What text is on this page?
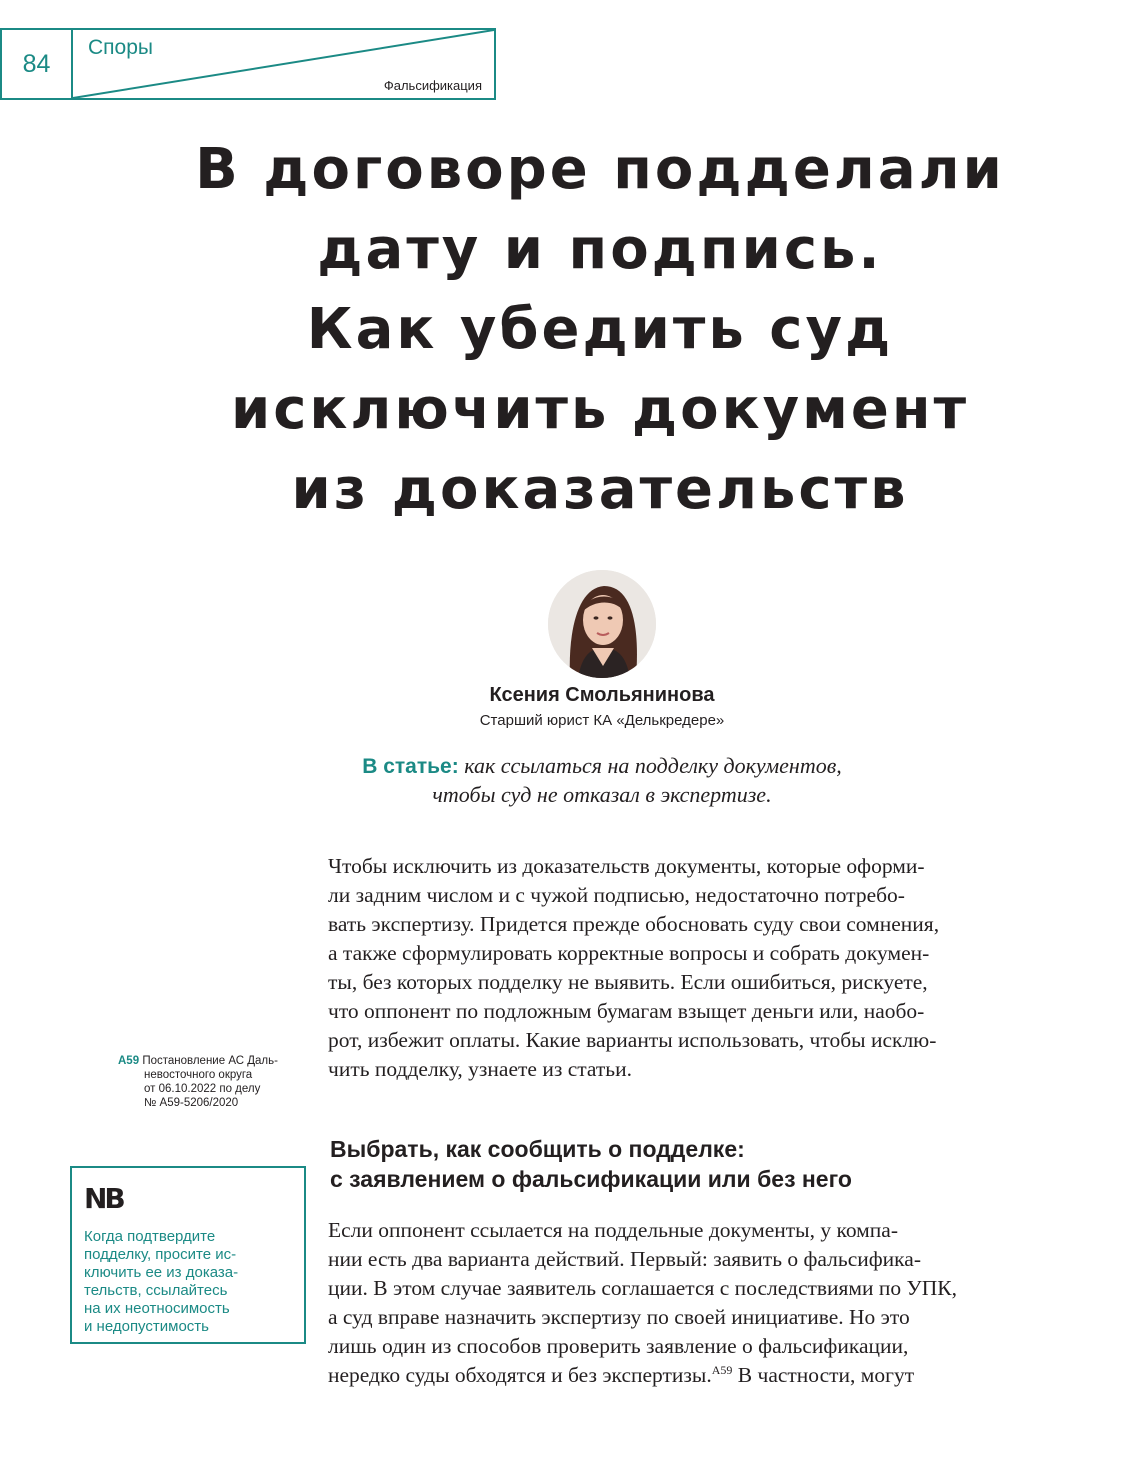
84
Споры
Фальсификация
В договоре подделали
дату и подпись.
Как убедить суд
исключить документ
из доказательств
Ксения Смольянинова
Старший юрист КА «Делькредере»
В статье: как ссылаться на подделку документов,
чтобы суд не отказал в экспертизе.
Чтобы исключить из доказательств документы, которые оформи-
ли задним числом и с чужой подписью, недостаточно потребо-
вать экспертизу. Придется прежде обосновать суду свои сомнения,
а также сформулировать корректные вопросы и собрать докумен-
ты, без которых подделку не выявить. Если ошибиться, рискуете,
что оппонент по подложным бумагам взыщет деньги или, наобо-
рот, избежит оплаты. Какие варианты использовать, чтобы исклю-
чить подделку, узнаете из статьи.
А59 Постановление АС Даль-
невосточного округа
от 06.10.2022 по делу
№ А59-5206/2020
Выбрать, как сообщить о подделке:
с заявлением о фальсификации или без него
NB
Когда подтвердите
подделку, просите ис-
ключить ее из доказа-
тельств, ссылайтесь
на их неотносимость
и недопустимость
Если оппонент ссылается на поддельные документы, у компа-
нии есть два варианта действий. Первый: заявить о фальсифика-
ции. В этом случае заявитель соглашается с последствиями по УПК,
а суд вправе назначить экспертизу по своей инициативе. Но это
лишь один из способов проверить заявление о фальсификации,
нередко суды обходятся и без экспертизы.$^{А59}$ В частности, могут
